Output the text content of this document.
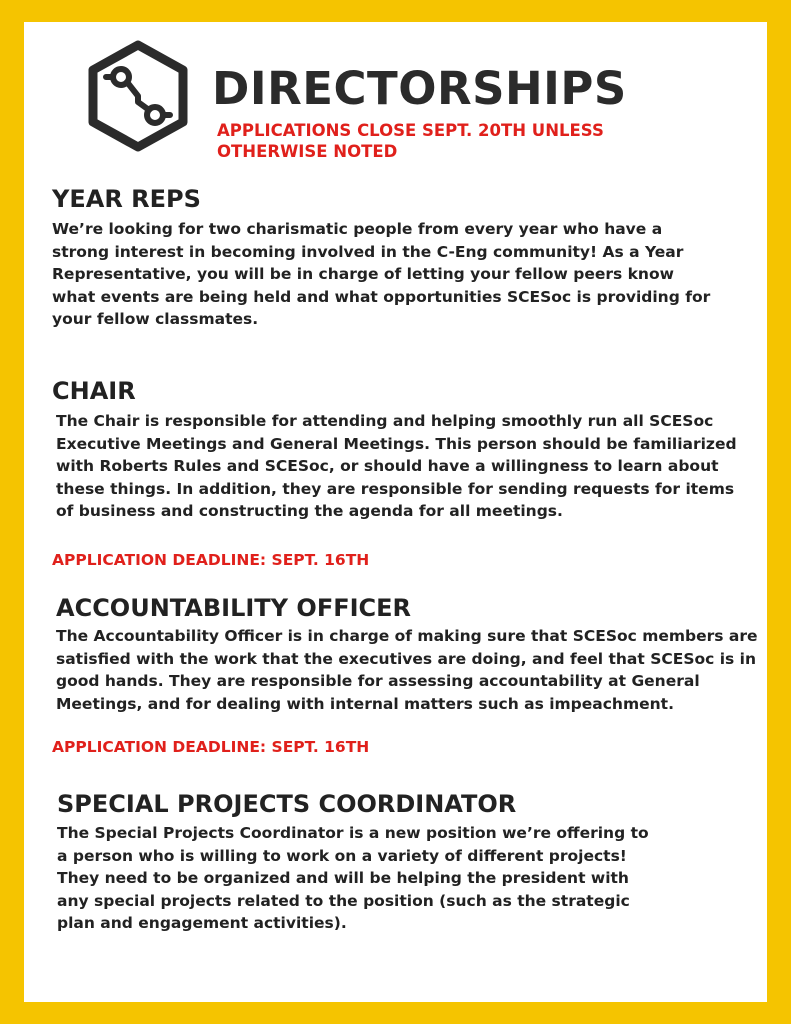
DIRECTORSHIPS

APPLICATIONS CLOSE SEPT. 20TH UNLESS OTHERWISE NOTED

YEAR REPS

We’re looking for two charismatic people from every year who have a strong interest in becoming involved in the C-Eng community! As a Year Representative, you will be in charge of letting your fellow peers know what events are being held and what opportunities SCESoc is providing for your fellow classmates.

CHAIR

The Chair is responsible for attending and helping smoothly run all SCESoc Executive Meetings and General Meetings. This person should be familiarized with Roberts Rules and SCESoc, or should have a willingness to learn about these things. In addition, they are responsible for sending requests for items of business and constructing the agenda for all meetings.

APPLICATION DEADLINE: SEPT. 16TH

ACCOUNTABILITY OFFICER

The Accountability Officer is in charge of making sure that SCESoc members are satisfied with the work that the executives are doing, and feel that SCESoc is in good hands. They are responsible for assessing accountability at General Meetings, and for dealing with internal matters such as impeachment.

APPLICATION DEADLINE: SEPT. 16TH

SPECIAL PROJECTS COORDINATOR

The Special Projects Coordinator is a new position we’re offering to a person who is willing to work on a variety of different projects! They need to be organized and will be helping the president with any special projects related to the position (such as the strategic plan and engagement activities).
